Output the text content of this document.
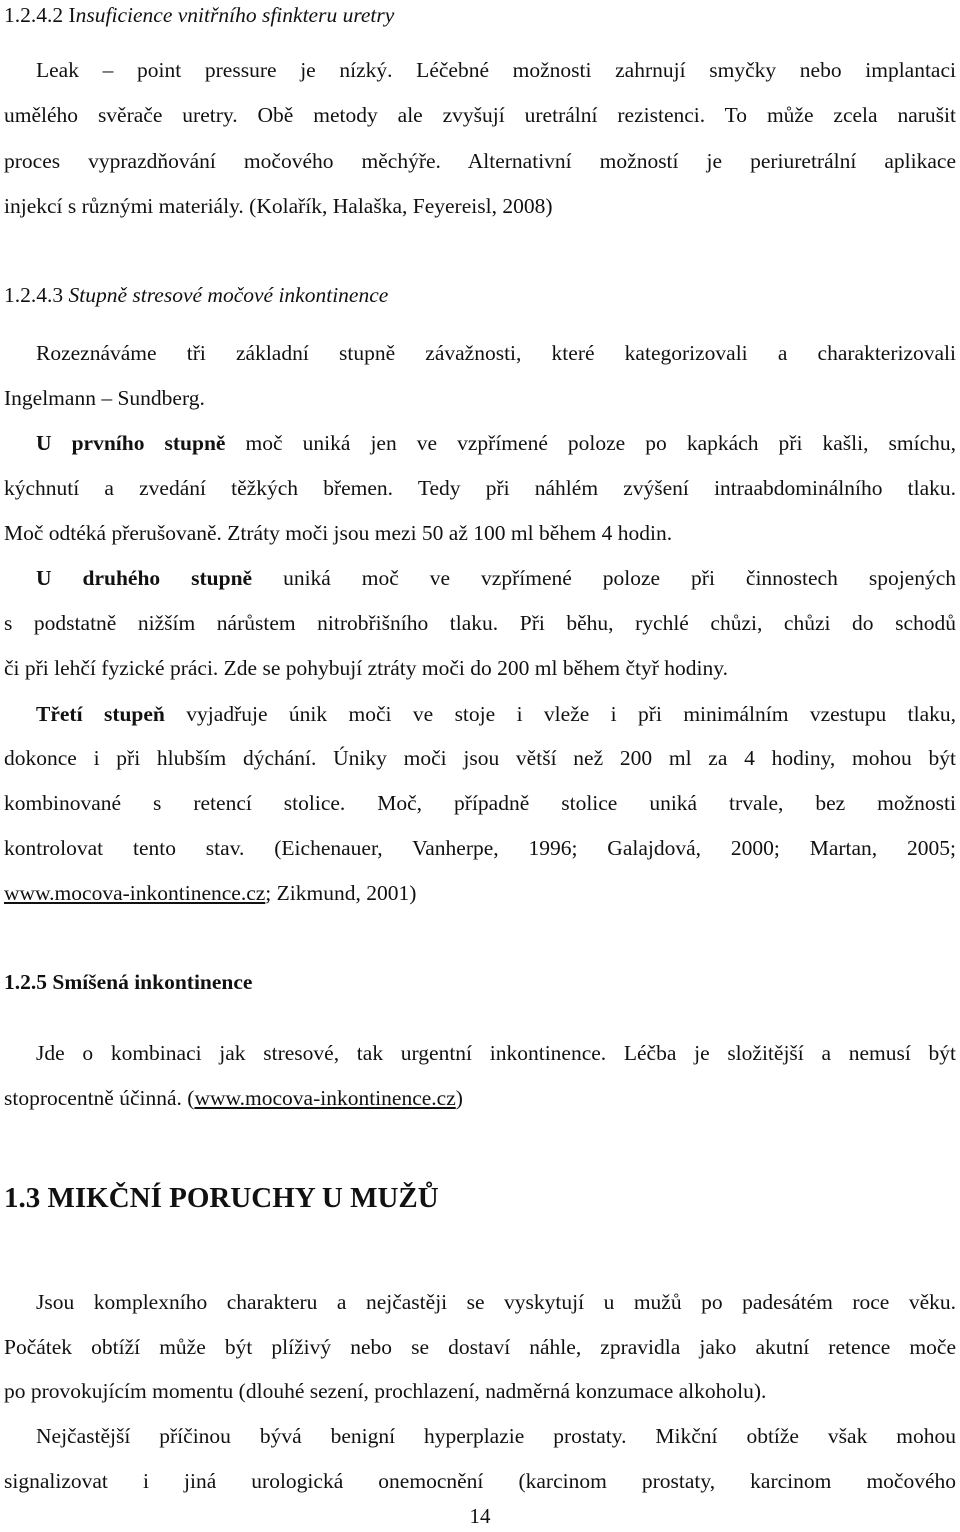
1.2.4.2 Insuficience vnitřního sfinkteru uretry
Leak – point pressure je nízký. Léčebné možnosti zahrnují smyčky nebo implantaci
umělého svěrače uretry. Obě metody ale zvyšují uretrální rezistenci. To může zcela narušit
proces vyprazdňování močového měchýře. Alternativní možností je periuretrální aplikace
injekcí s různými materiály. (Kolařík, Halaška, Feyereisl, 2008)
1.2.4.3 Stupně stresové močové inkontinence
Rozeznáváme tři základní stupně závažnosti, které kategorizovali a charakterizovali
Ingelmann – Sundberg.
U prvního stupně moč uniká jen ve vzpřímené poloze po kapkách při kašli, smíchu,
kýchnutí a zvedání těžkých břemen. Tedy při náhlém zvýšení intraabdominálního tlaku.
Moč odtéká přerušovaně. Ztráty moči jsou mezi 50 až 100 ml během 4 hodin.
U druhého stupně uniká moč ve vzpřímené poloze při činnostech spojených
s podstatně nižším nárůstem nitrobřišního tlaku. Při běhu, rychlé chůzi, chůzi do schodů
či při lehčí fyzické práci. Zde se pohybují ztráty moči do 200 ml během čtyř hodiny.
Třetí stupeň vyjadřuje únik moči ve stoje i vleže i při minimálním vzestupu tlaku,
dokonce i při hlubším dýchání. Úniky moči jsou větší než 200 ml za 4 hodiny, mohou být
kombinované s retencí stolice. Moč, případně stolice uniká trvale, bez možnosti
kontrolovat tento stav. (Eichenauer, Vanherpe, 1996; Galajdová, 2000; Martan, 2005;
www.mocova-inkontinence.cz; Zikmund, 2001)
1.2.5 Smíšená inkontinence
Jde o kombinaci jak stresové, tak urgentní inkontinence. Léčba je složitější a nemusí být
stoprocentně účinná. (www.mocova-inkontinence.cz)
1.3 MIKČNÍ PORUCHY U MUŽŮ
Jsou komplexního charakteru a nejčastěji se vyskytují u mužů po padesátém roce věku.
Počátek obtíží může být plíživý nebo se dostaví náhle, zpravidla jako akutní retence moče
po provokujícím momentu (dlouhé sezení, prochlazení, nadměrná konzumace alkoholu).
Nejčastější příčinou bývá benigní hyperplazie prostaty. Mikční obtíže však mohou
signalizovat i jiná urologická onemocnění (karcinom prostaty, karcinom močového
14
